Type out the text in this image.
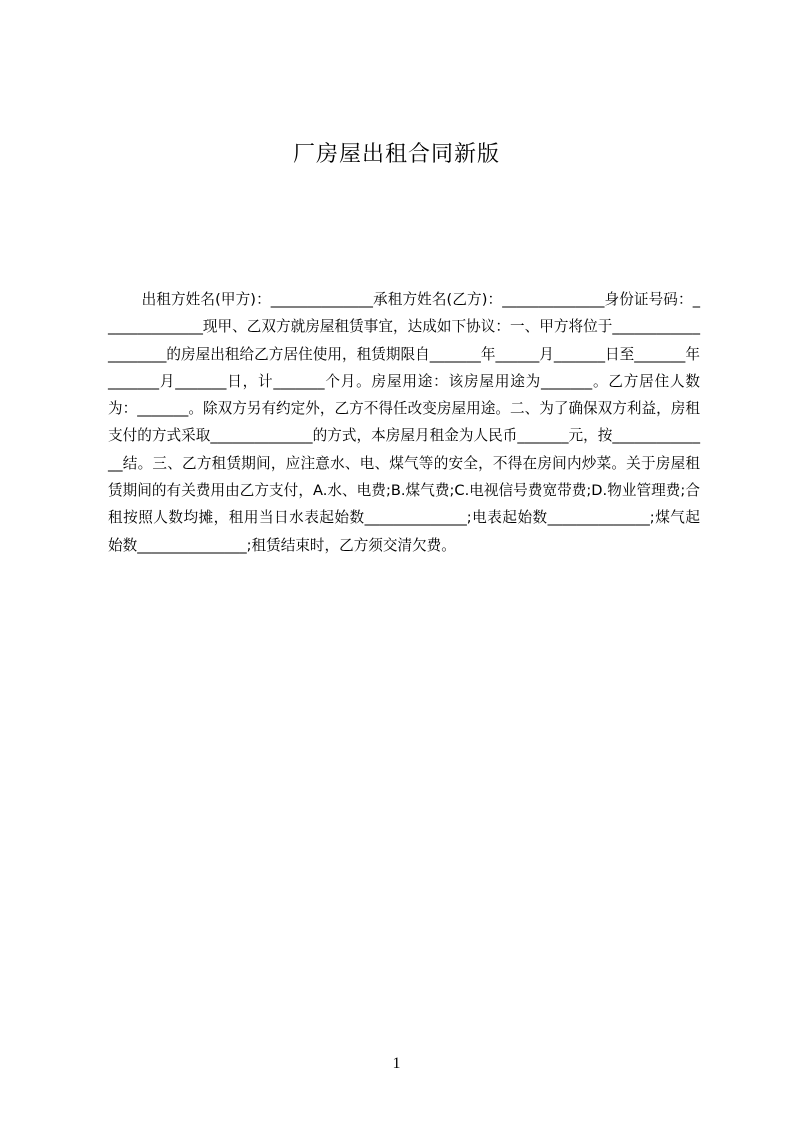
厂房屋出租合同新版

出租方姓名(甲方)：______________承租方姓名(乙方)：______________身份证号码：______________现甲、乙双方就房屋租赁事宜，达成如下协议：一、甲方将位于____________________的房屋出租给乙方居住使用，租赁期限自_______年______月_______日至_______年_______月_______日，计_______个月。房屋用途：该房屋用途为_______。乙方居住人数为：_______。除双方另有约定外，乙方不得任改变房屋用途。二、为了确保双方利益，房租支付的方式采取______________的方式，本房屋月租金为人民币_______元，按______________结。三、乙方租赁期间，应注意水、电、煤气等的安全，不得在房间内炒菜。关于房屋租赁期间的有关费用由乙方支付，A.水、电费;B.煤气费;C.电视信号费宽带费;D.物业管理费;合租按照人数均摊，租用当日水表起始数______________;电表起始数______________;煤气起始数_______________;租赁结束时，乙方须交清欠费。

1
